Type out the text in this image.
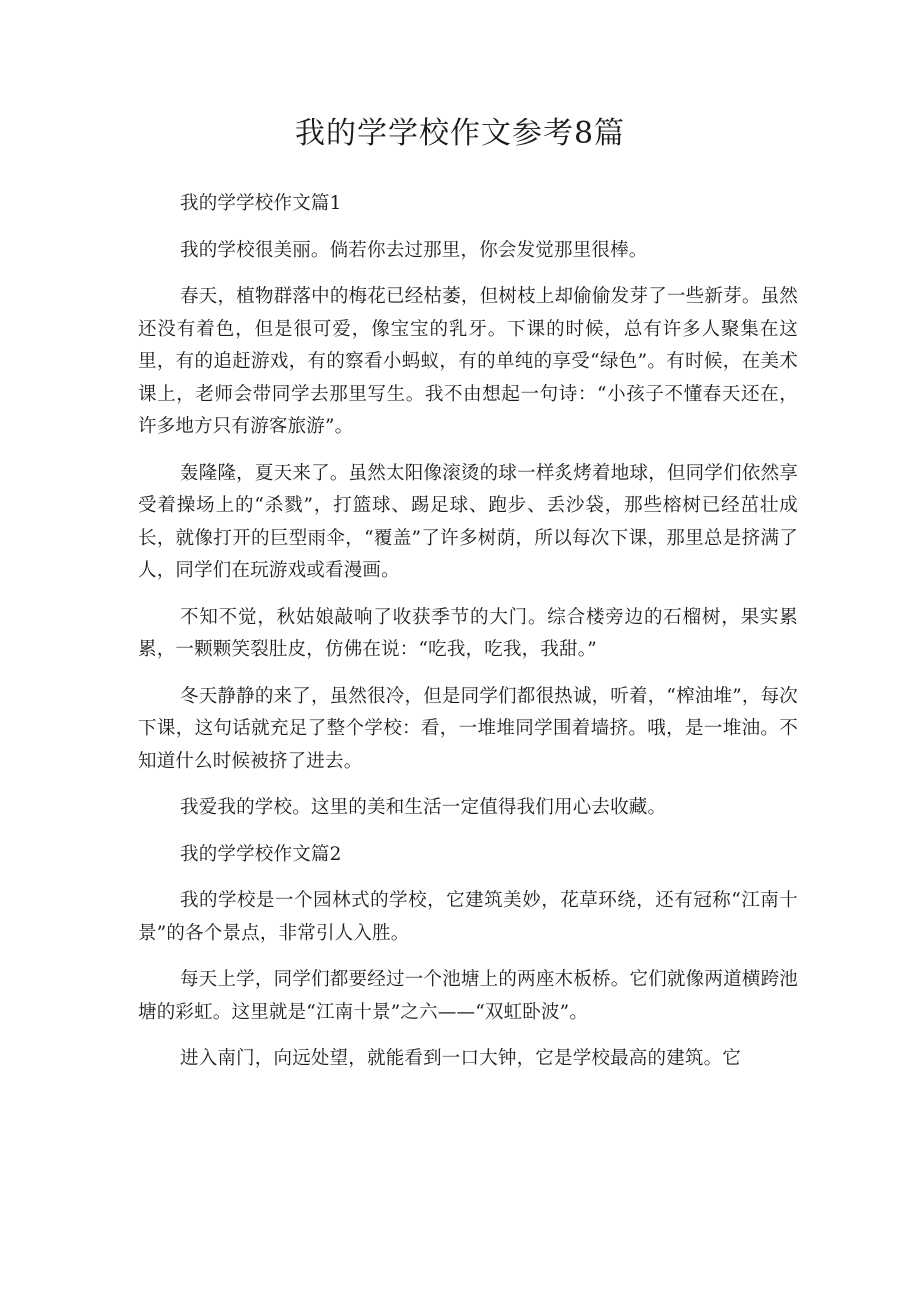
我的学学校作文参考8篇

我的学学校作文篇1

我的学校很美丽。倘若你去过那里，你会发觉那里很棒。

春天，植物群落中的梅花已经枯萎，但树枝上却偷偷发芽了一些新芽。虽然还没有着色，但是很可爱，像宝宝的乳牙。下课的时候，总有许多人聚集在这里，有的追赶游戏，有的察看小蚂蚁，有的单纯的享受“绿色”。有时候，在美术课上，老师会带同学去那里写生。我不由想起一句诗：“小孩子不懂春天还在，许多地方只有游客旅游”。

轰隆隆，夏天来了。虽然太阳像滚烫的球一样炙烤着地球，但同学们依然享受着操场上的“杀戮”，打篮球、踢足球、跑步、丢沙袋，那些榕树已经茁壮成长，就像打开的巨型雨伞，“覆盖”了许多树荫，所以每次下课，那里总是挤满了人，同学们在玩游戏或看漫画。

不知不觉，秋姑娘敲响了收获季节的大门。综合楼旁边的石榴树，果实累累，一颗颗笑裂肚皮，仿佛在说：“吃我，吃我，我甜。”

冬天静静的来了，虽然很冷，但是同学们都很热诚，听着，“榨油堆”，每次下课，这句话就充足了整个学校：看，一堆堆同学围着墙挤。哦，是一堆油。不知道什么时候被挤了进去。

我爱我的学校。这里的美和生活一定值得我们用心去收藏。

我的学学校作文篇2

我的学校是一个园林式的学校，它建筑美妙，花草环绕，还有冠称“江南十景”的各个景点，非常引人入胜。

每天上学，同学们都要经过一个池塘上的两座木板桥。它们就像两道横跨池塘的彩虹。这里就是“江南十景”之六——“双虹卧波”。

进入南门，向远处望，就能看到一口大钟，它是学校最高的建筑。它
